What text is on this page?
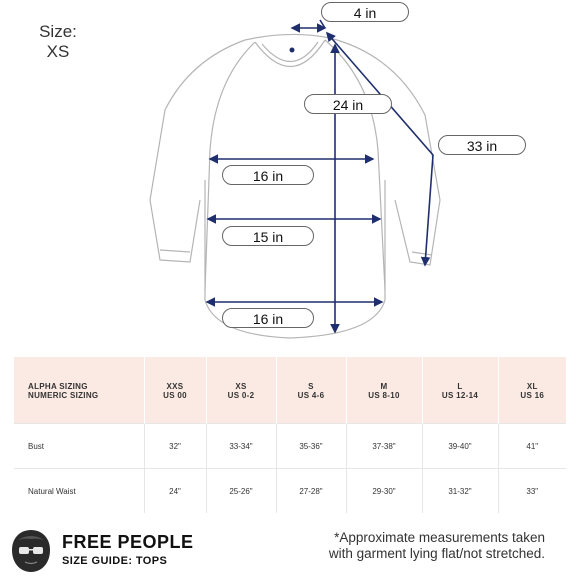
Size:
XS
4 in
24 in
33 in
16 in
15 in
16 in
ALPHA SIZING	XXS	XS	S	M	L	XL
NUMERIC SIZING	US 00	US 0-2	US 4-6	US 8-10	US 12-14	US 16
Bust	32"	33-34"	35-36"	37-38"	39-40"	41"
Natural Waist	24"	25-26"	27-28"	29-30"	31-32"	33"
FREE PEOPLE
SIZE GUIDE: TOPS
*Approximate measurements taken
with garment lying flat/not stretched.
